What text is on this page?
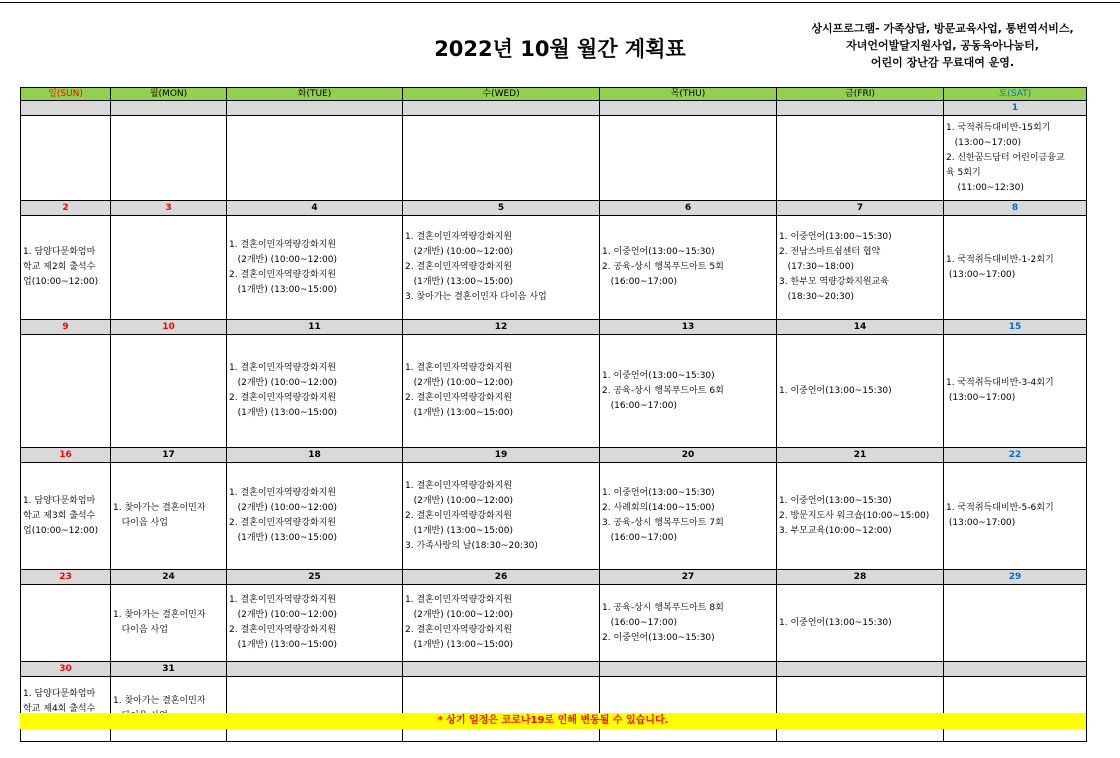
2022년 10월 월간 계획표
상시프로그램- 가족상담, 방문교육사업, 통번역서비스,
자녀언어발달지원사업, 공동육아나눔터,
어린이 장난감 무료대여 운영.
일(SUN)	월(MON)	화(TUE)	수(WED)	목(THU)	금(FRI)	토(SAT)
						1

						1. 국적취득대비반-15회기
(13:00~17:00)
2. 신한꿈드담터 어린이금융교
육 5회기
(11:00~12:30)

2	3	4	5	6	7	8

1. 담양다문화엄마
학교 제2회 출석수
업(10:00~12:00)		1. 결혼이민자역량강화지원
(2개반) (10:00~12:00)
2. 결혼이민자역량강화지원
(1개반) (13:00~15:00)	1. 결혼이민자역량강화지원
(2개반) (10:00~12:00)
2. 결혼이민자역량강화지원
(1개반) (13:00~15:00)
3. 찾아가는 결혼이민자 다이음 사업	1. 이중언어(13:00~15:30)
2. 공육-상시 행복푸드아트 5회
(16:00~17:00)	1. 이중언어(13:00~15:30)
2. 전남스마트쉼센터 협약
(17:30~18:00)
3. 한부모 역량강화지원교육
(18:30~20:30)	1. 국적취득대비반-1-2회기
(13:00~17:00)

9	10	11	12	13	14	15

		1. 결혼이민자역량강화지원
(2개반) (10:00~12:00)
2. 결혼이민자역량강화지원
(1개반) (13:00~15:00)	1. 결혼이민자역량강화지원
(2개반) (10:00~12:00)
2. 결혼이민자역량강화지원
(1개반) (13:00~15:00)	1. 이중언어(13:00~15:30)
2. 공육-상시 행복푸드아트 6회
(16:00~17:00)	1. 이중언어(13:00~15:30)	1. 국적취득대비반-3-4회기
(13:00~17:00)

16	17	18	19	20	21	22

1. 담양다문화엄마
학교 제3회 출석수
업(10:00~12:00)	1. 찾아가는 결혼이민자
다이음 사업	1. 결혼이민자역량강화지원
(2개반) (10:00~12:00)
2. 결혼이민자역량강화지원
(1개반) (13:00~15:00)	1. 결혼이민자역량강화지원
(2개반) (10:00~12:00)
2. 결혼이민자역량강화지원
(1개반) (13:00~15:00)
3. 가족사랑의 날(18:30~20:30)	1. 이중언어(13:00~15:30)
2. 사례회의(14:00~15:00)
3. 공육-상시 행복푸드아트 7회
(16:00~17:00)	1. 이중언어(13:00~15:30)
2. 방문지도사 워크숍(10:00~15:00)
3. 부모교육(10:00~12:00)	1. 국적취득대비반-5-6회기
(13:00~17:00)

23	24	25	26	27	28	29

	1. 찾아가는 결혼이민자
다이음 사업	1. 결혼이민자역량강화지원
(2개반) (10:00~12:00)
2. 결혼이민자역량강화지원
(1개반) (13:00~15:00)	1. 결혼이민자역량강화지원
(2개반) (10:00~12:00)
2. 결혼이민자역량강화지원
(1개반) (13:00~15:00)	1. 공육-상시 행복푸드아트 8회
(16:00~17:00)
2. 이중언어(13:00~15:30)	1. 이중언어(13:00~15:30)	

30	31					

1. 담양다문화엄마
학교 제4회 출석수	1. 찾아가는 결혼이민자					

* 상기 일정은 코로나19로 인해 변동될 수 있습니다.
